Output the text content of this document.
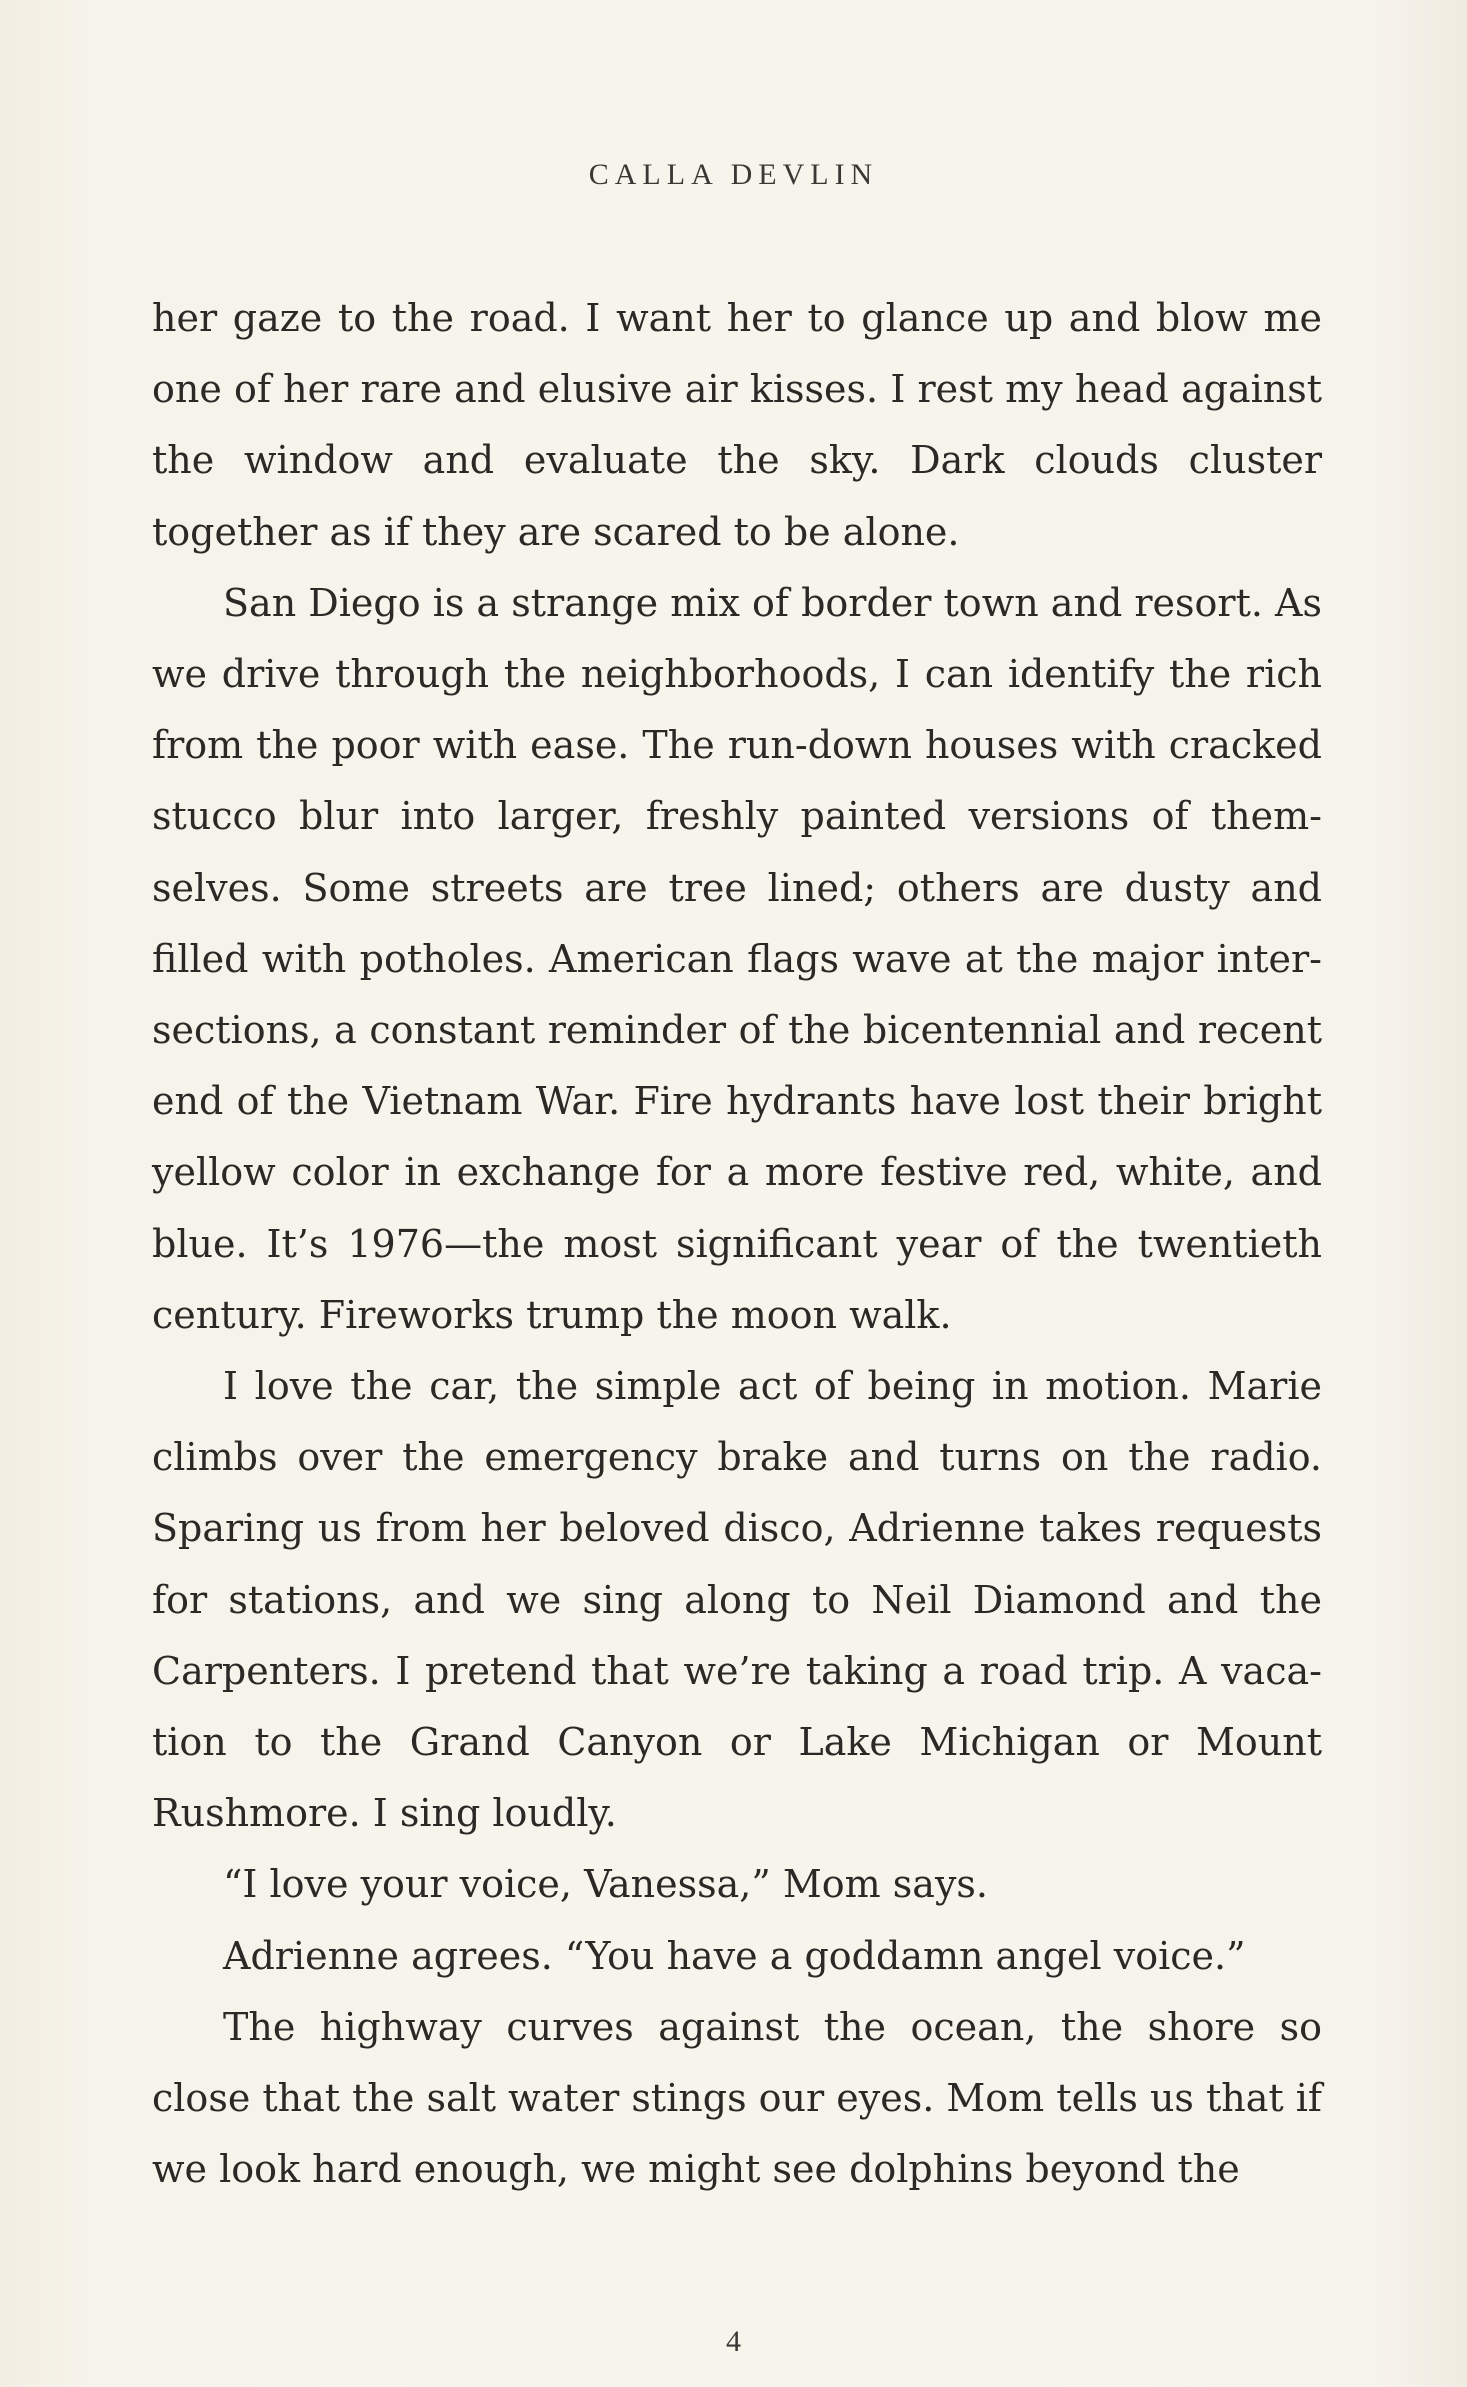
CALLA DEVLIN

her gaze to the road. I want her to glance up and blow me one of her rare and elusive air kisses. I rest my head against the window and evaluate the sky. Dark clouds cluster together as if they are scared to be alone.

San Diego is a strange mix of border town and resort. As we drive through the neighborhoods, I can identify the rich from the poor with ease. The run-down houses with cracked stucco blur into larger, freshly painted versions of themselves. Some streets are tree lined; others are dusty and filled with potholes. American flags wave at the major intersections, a constant reminder of the bicentennial and recent end of the Vietnam War. Fire hydrants have lost their bright yellow color in exchange for a more festive red, white, and blue. It’s 1976—the most significant year of the twentieth century. Fireworks trump the moon walk.

I love the car, the simple act of being in motion. Marie climbs over the emergency brake and turns on the radio. Sparing us from her beloved disco, Adrienne takes requests for stations, and we sing along to Neil Diamond and the Carpenters. I pretend that we’re taking a road trip. A vacation to the Grand Canyon or Lake Michigan or Mount Rushmore. I sing loudly.

“I love your voice, Vanessa,” Mom says.

Adrienne agrees. “You have a goddamn angel voice.”

The highway curves against the ocean, the shore so close that the salt water stings our eyes. Mom tells us that if we look hard enough, we might see dolphins beyond the

4
